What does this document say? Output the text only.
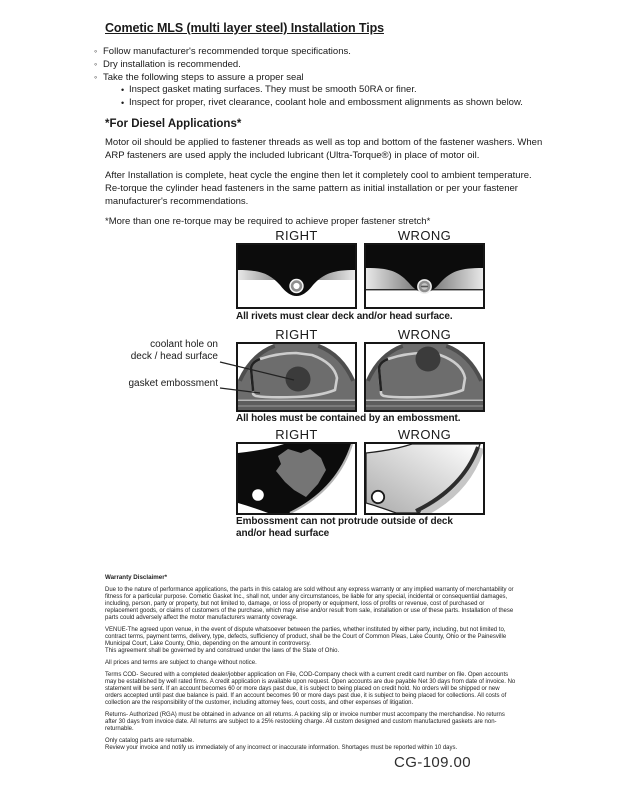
Cometic MLS (multi layer steel) Installation Tips
◦ Follow manufacturer's recommended torque specifications.
◦ Dry installation is recommended.
◦ Take the following steps to assure a proper seal
• Inspect gasket mating surfaces. They must be smooth 50RA or finer.
• Inspect for proper, rivet clearance, coolant hole and embossment alignments as shown below.
*For Diesel Applications*
Motor oil should be applied to fastener threads as well as top and bottom of the fastener washers. When ARP fasteners are used apply the included lubricant (Ultra-Torque®) in place of motor oil.
After Installation is complete, heat cycle the engine then let it completely cool to ambient temperature. Re-torque the cylinder head fasteners in the same pattern as initial installation or per your fastener manufacturer's recommendations.
*More than one re-torque may be required to achieve proper fastener stretch*
RIGHT	WRONG
All rivets must clear deck and/or head surface.
RIGHT	WRONG
All holes must be contained by an embossment.
coolant hole on
deck / head surface
gasket embossment
RIGHT	WRONG
Embossment can not protrude outside of deck and/or head surface
Warranty Disclaimer*

Due to the nature of performance applications, the parts in this catalog are sold without any express warranty or any implied warranty of merchantability or fitness for a particular purpose. Cometic Gasket Inc., shall not, under any circumstances, be liable for any special, incidental or consequential damages, including, person, party or property, but not limited to, damage, or loss of property or equipment, loss of profits or revenue, cost of purchased or replacement goods, or claims of customers of the purchase, which may arise and/or result from sale, installation or use of these parts. Installation of these parts could adversely affect the motor manufacturers warranty coverage.

VENUE-The agreed upon venue, in the event of dispute whatsoever between the parties, whether instituted by either party, including, but not limited to, contract terms, payment terms, delivery, type, defects, sufficiency of product, shall be the Court of Common Pleas, Lake County, Ohio or the Painesville Municipal Court, Lake County, Ohio, depending on the amount in controversy.

This agreement shall be governed by and construed under the laws of the State of Ohio.

All prices and terms are subject to change without notice.

Terms COD- Secured with a completed dealer/jobber application on File, COD-Company check with a current credit card number on file. Open accounts may be established by well rated firms. A credit application is available upon request. Open accounts are due payable Net 30 days from date of invoice. No statement will be sent. If an account becomes 60 or more days past due, it is subject to being placed on credit hold. No orders will be shipped or new orders accepted until past due balance is paid. If an account becomes 90 or more days past due, it is subject to being placed for collections. All costs of collection are the responsibility of the customer, including attorney fees, court costs, and other expenses of litigation.

Returns- Authorized (RGA) must be obtained in advance on all returns. A packing slip or invoice number must accompany the merchandise. No returns after 30 days from invoice date. All returns are subject to a 25% restocking charge. All custom designed and custom manufactured gaskets are non-returnable.

Only catalog parts are returnable.

Review your invoice and notify us immediately of any incorrect or inaccurate information. Shortages must be reported within 10 days.

CG-109.00
